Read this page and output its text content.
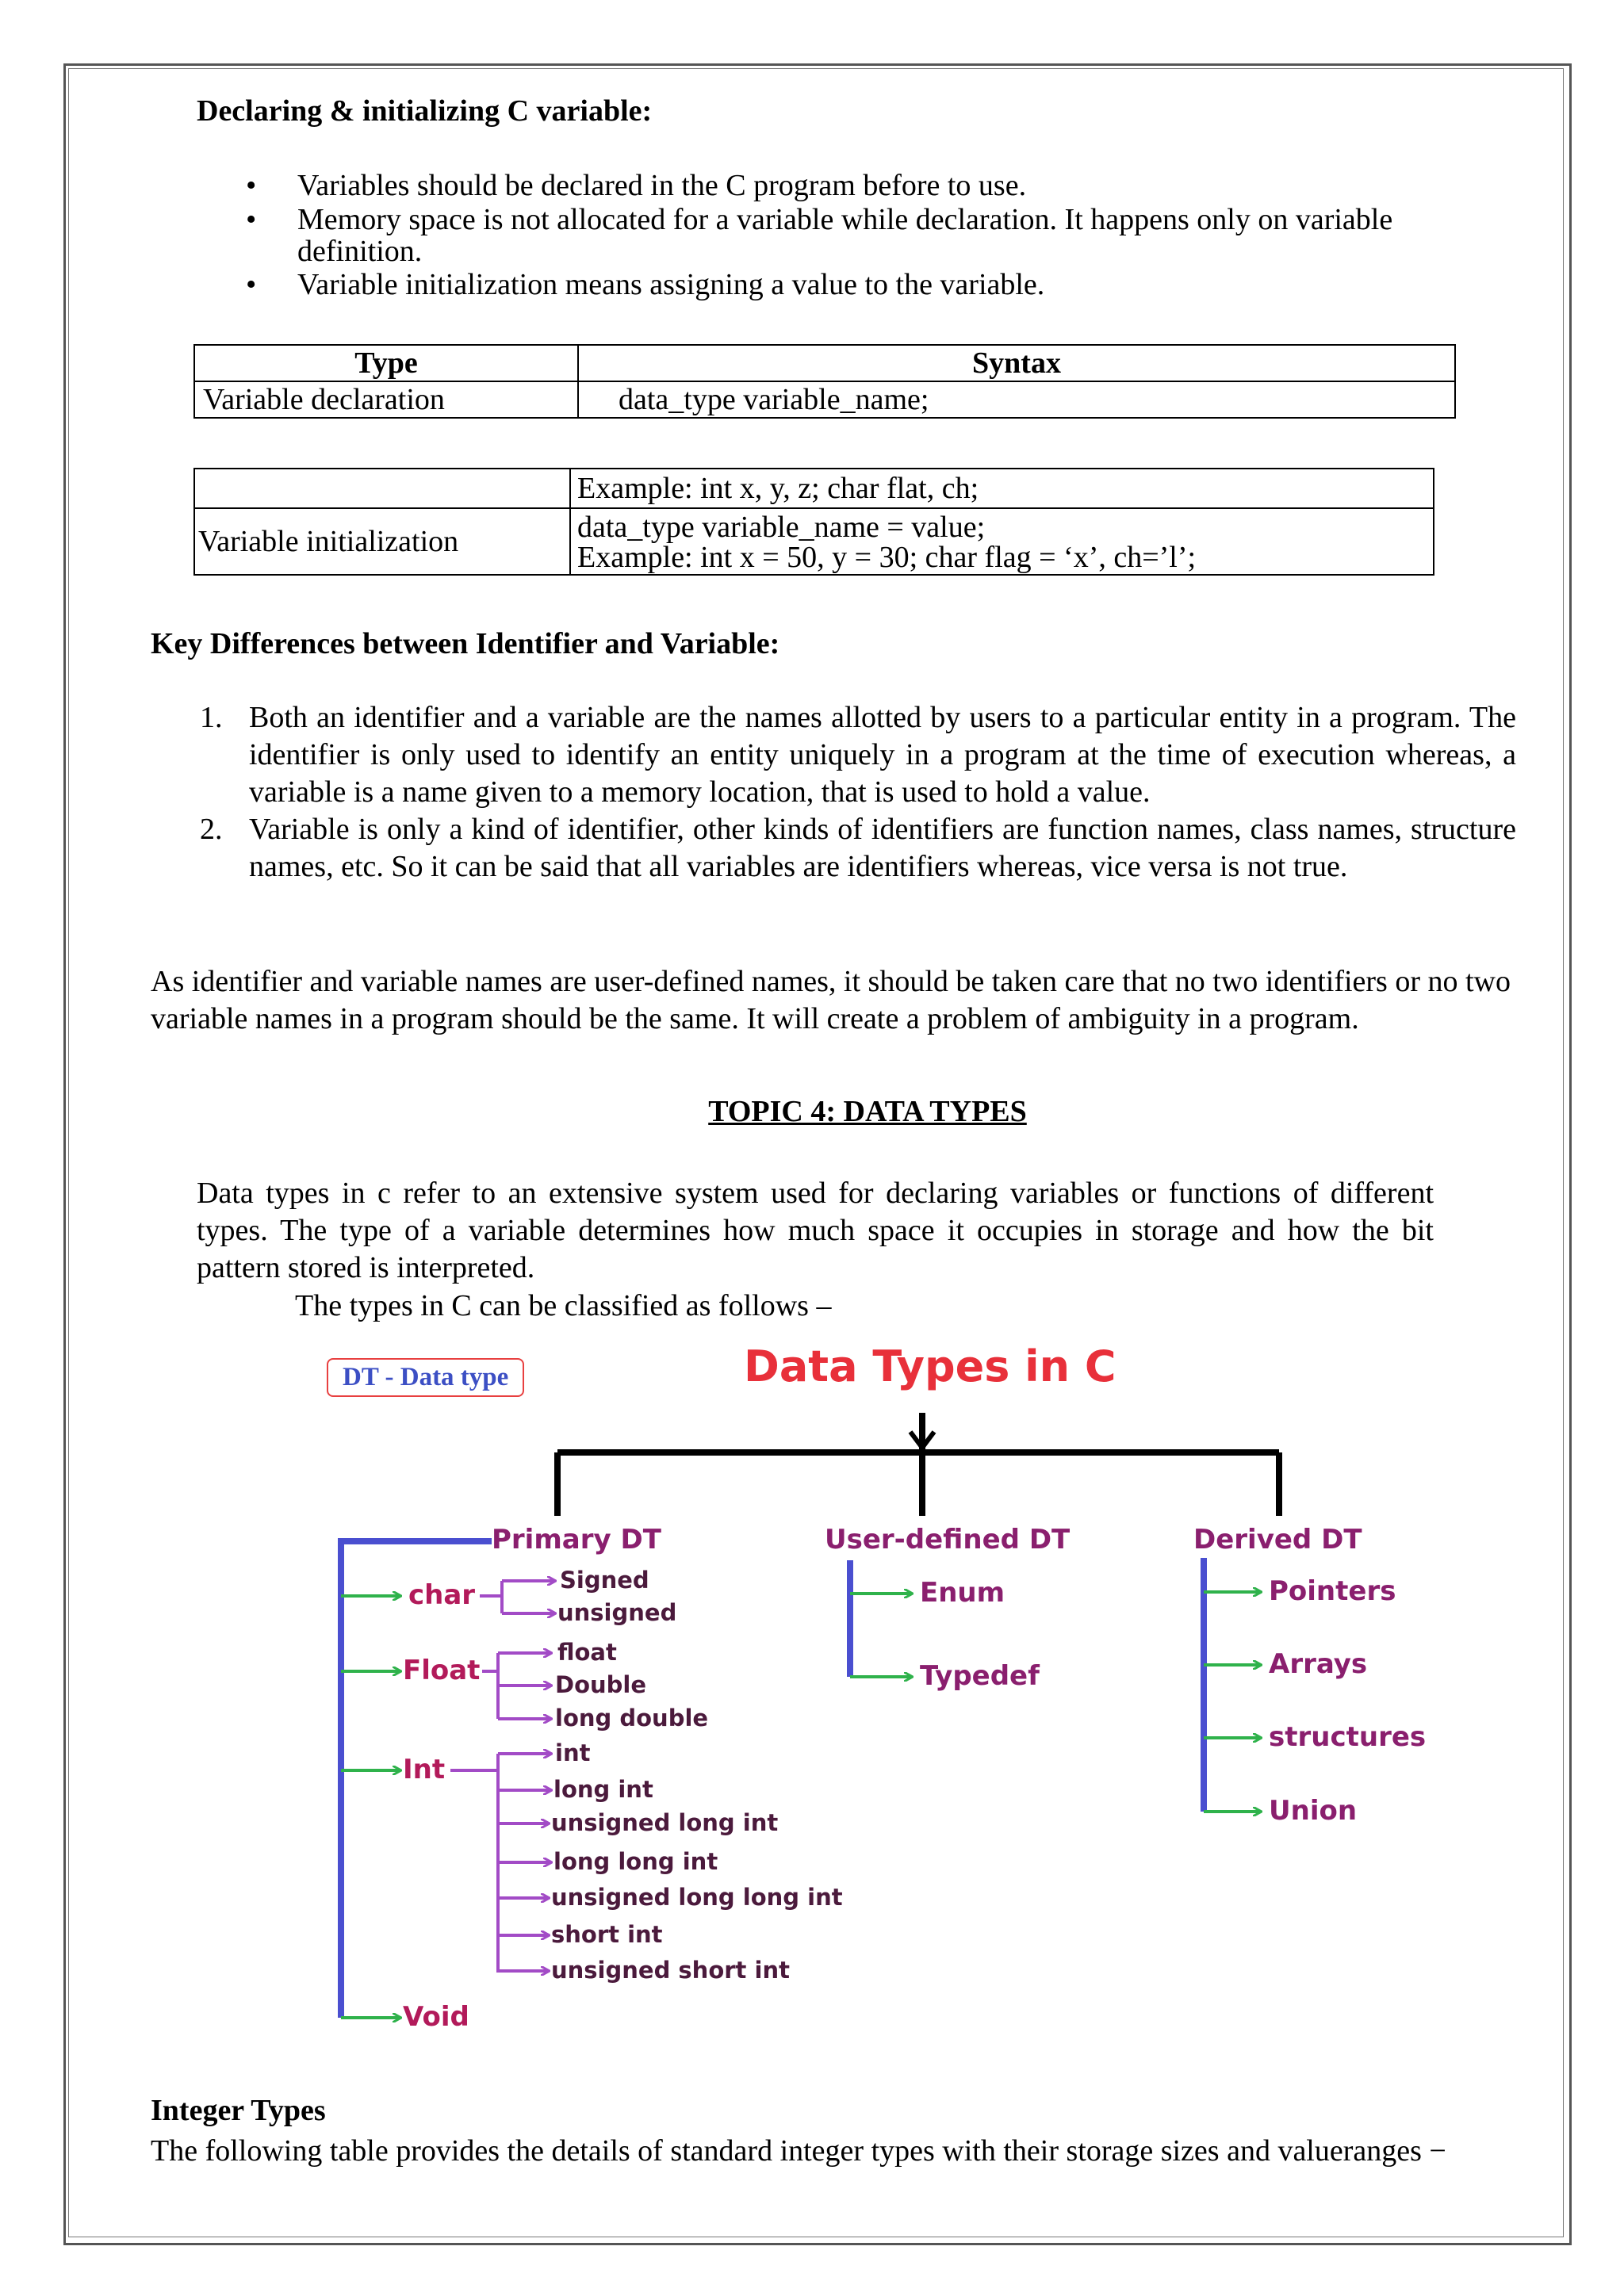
Declaring & initializing C variable:
• Variables should be declared in the C program before to use.
• Memory space is not allocated for a variable while declaration. It happens only on variable definition.
• Variable initialization means assigning a value to the variable.
Type	Syntax
Variable declaration	data_type variable_name;
	Example: int x, y, z; char flat, ch;
Variable initialization	data_type variable_name = value;
Example: int x = 50, y = 30; char flag = ‘x’, ch=’l’;
Key Differences between Identifier and Variable:
1. Both an identifier and a variable are the names allotted by users to a particular entity in a program. The identifier is only used to identify an entity uniquely in a program at the time of execution whereas, a variable is a name given to a memory location, that is used to hold a value.
2. Variable is only a kind of identifier, other kinds of identifiers are function names, class names, structure names, etc. So it can be said that all variables are identifiers whereas, vice versa is not true.
As identifier and variable names are user-defined names, it should be taken care that no two identifiers or no two variable names in a program should be the same. It will create a problem of ambiguity in a program.
TOPIC 4: DATA TYPES
Data types in c refer to an extensive system used for declaring variables or functions of different types. The type of a variable determines how much space it occupies in storage and how the bit pattern stored is interpreted.
The types in C can be classified as follows –
DT - Data type	Data Types in C
Primary DT	User-defined DT	Derived DT
char
Float
Int
Void
Signed
unsigned
float
Double
long double
int
long int
unsigned long int
long long int
unsigned long long int
short int
unsigned short int
Enum
Typedef
Pointers
Arrays
structures
Union
Integer Types
The following table provides the details of standard integer types with their storage sizes and valueranges −
